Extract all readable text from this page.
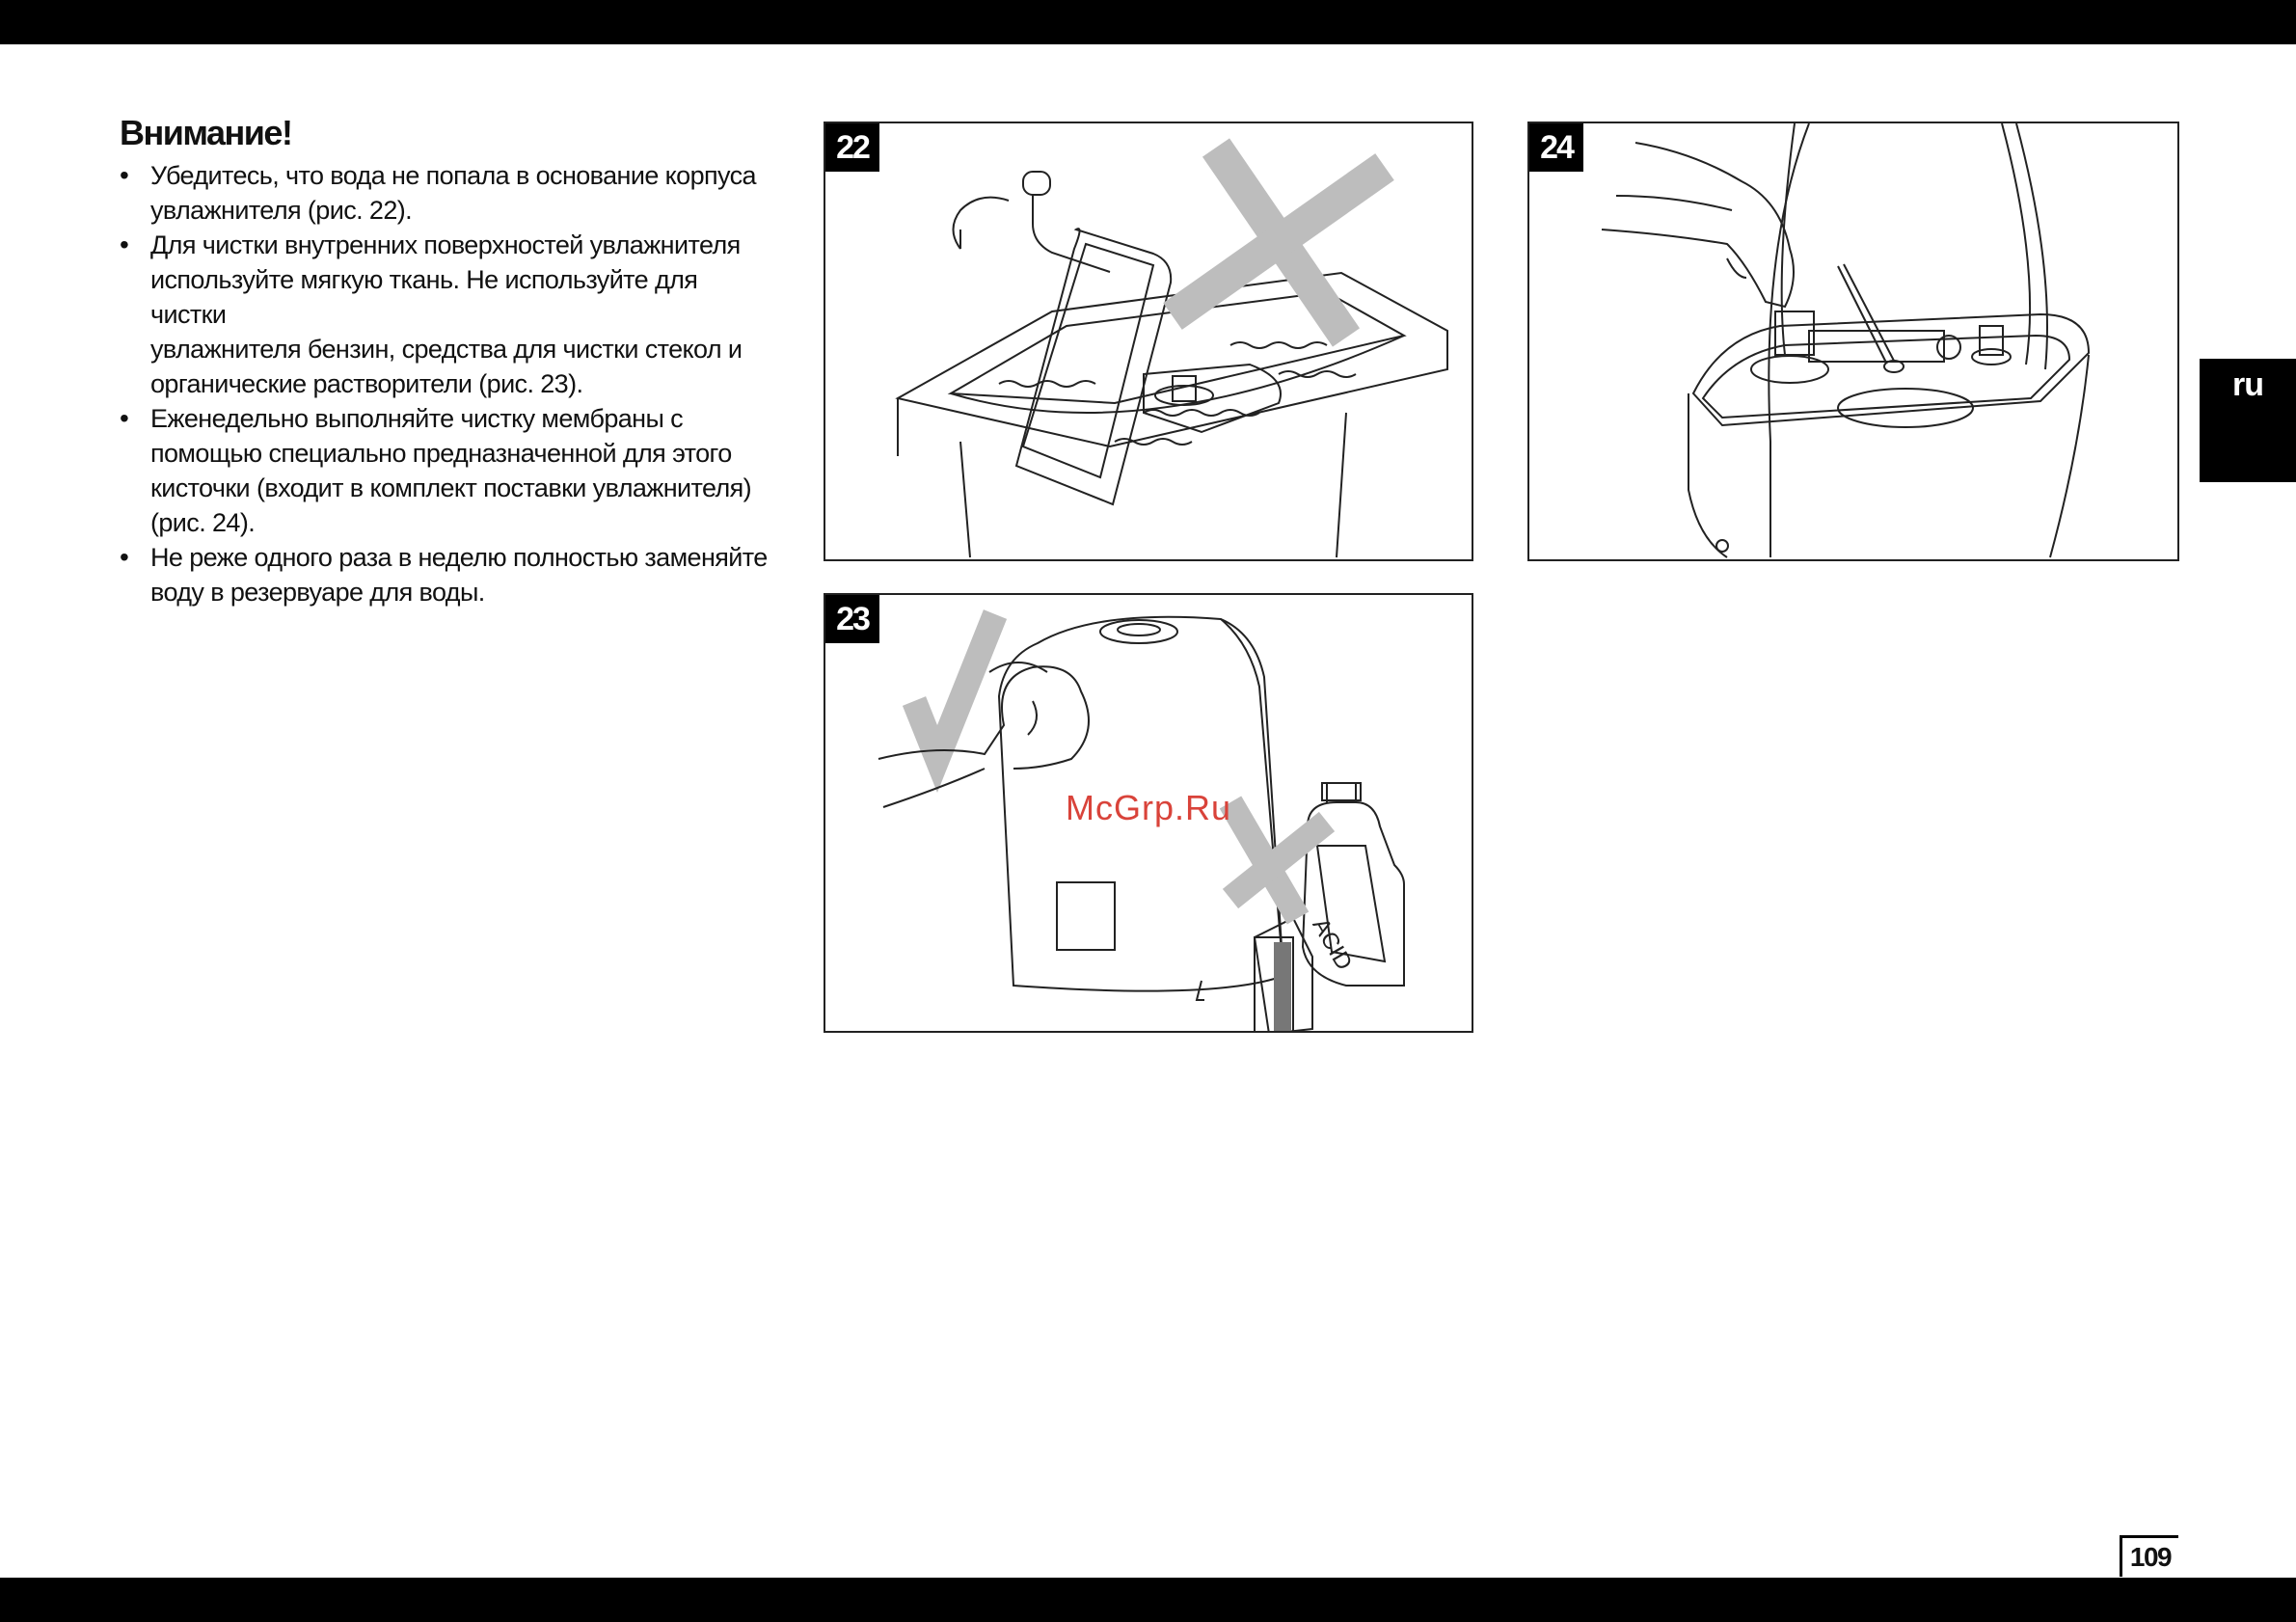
Внимание!
• Убедитесь, что вода не попала в основание корпуса
увлажнителя (рис. 22).
• Для чистки внутренних поверхностей увлажнителя
используйте мягкую ткань. Не используйте для чистки
увлажнителя бензин, средства для чистки стекол и
органические растворители (рис. 23).
• Еженедельно выполняйте чистку мембраны с
помощью специально предназначенной для этого
кисточки (входит в комплект поставки увлажнителя)
(рис. 24).
• Не реже одного раза в неделю полностью заменяйте
воду в резервуаре для воды.
22	24
23
ACID
McGrp.Ru
ru
109
